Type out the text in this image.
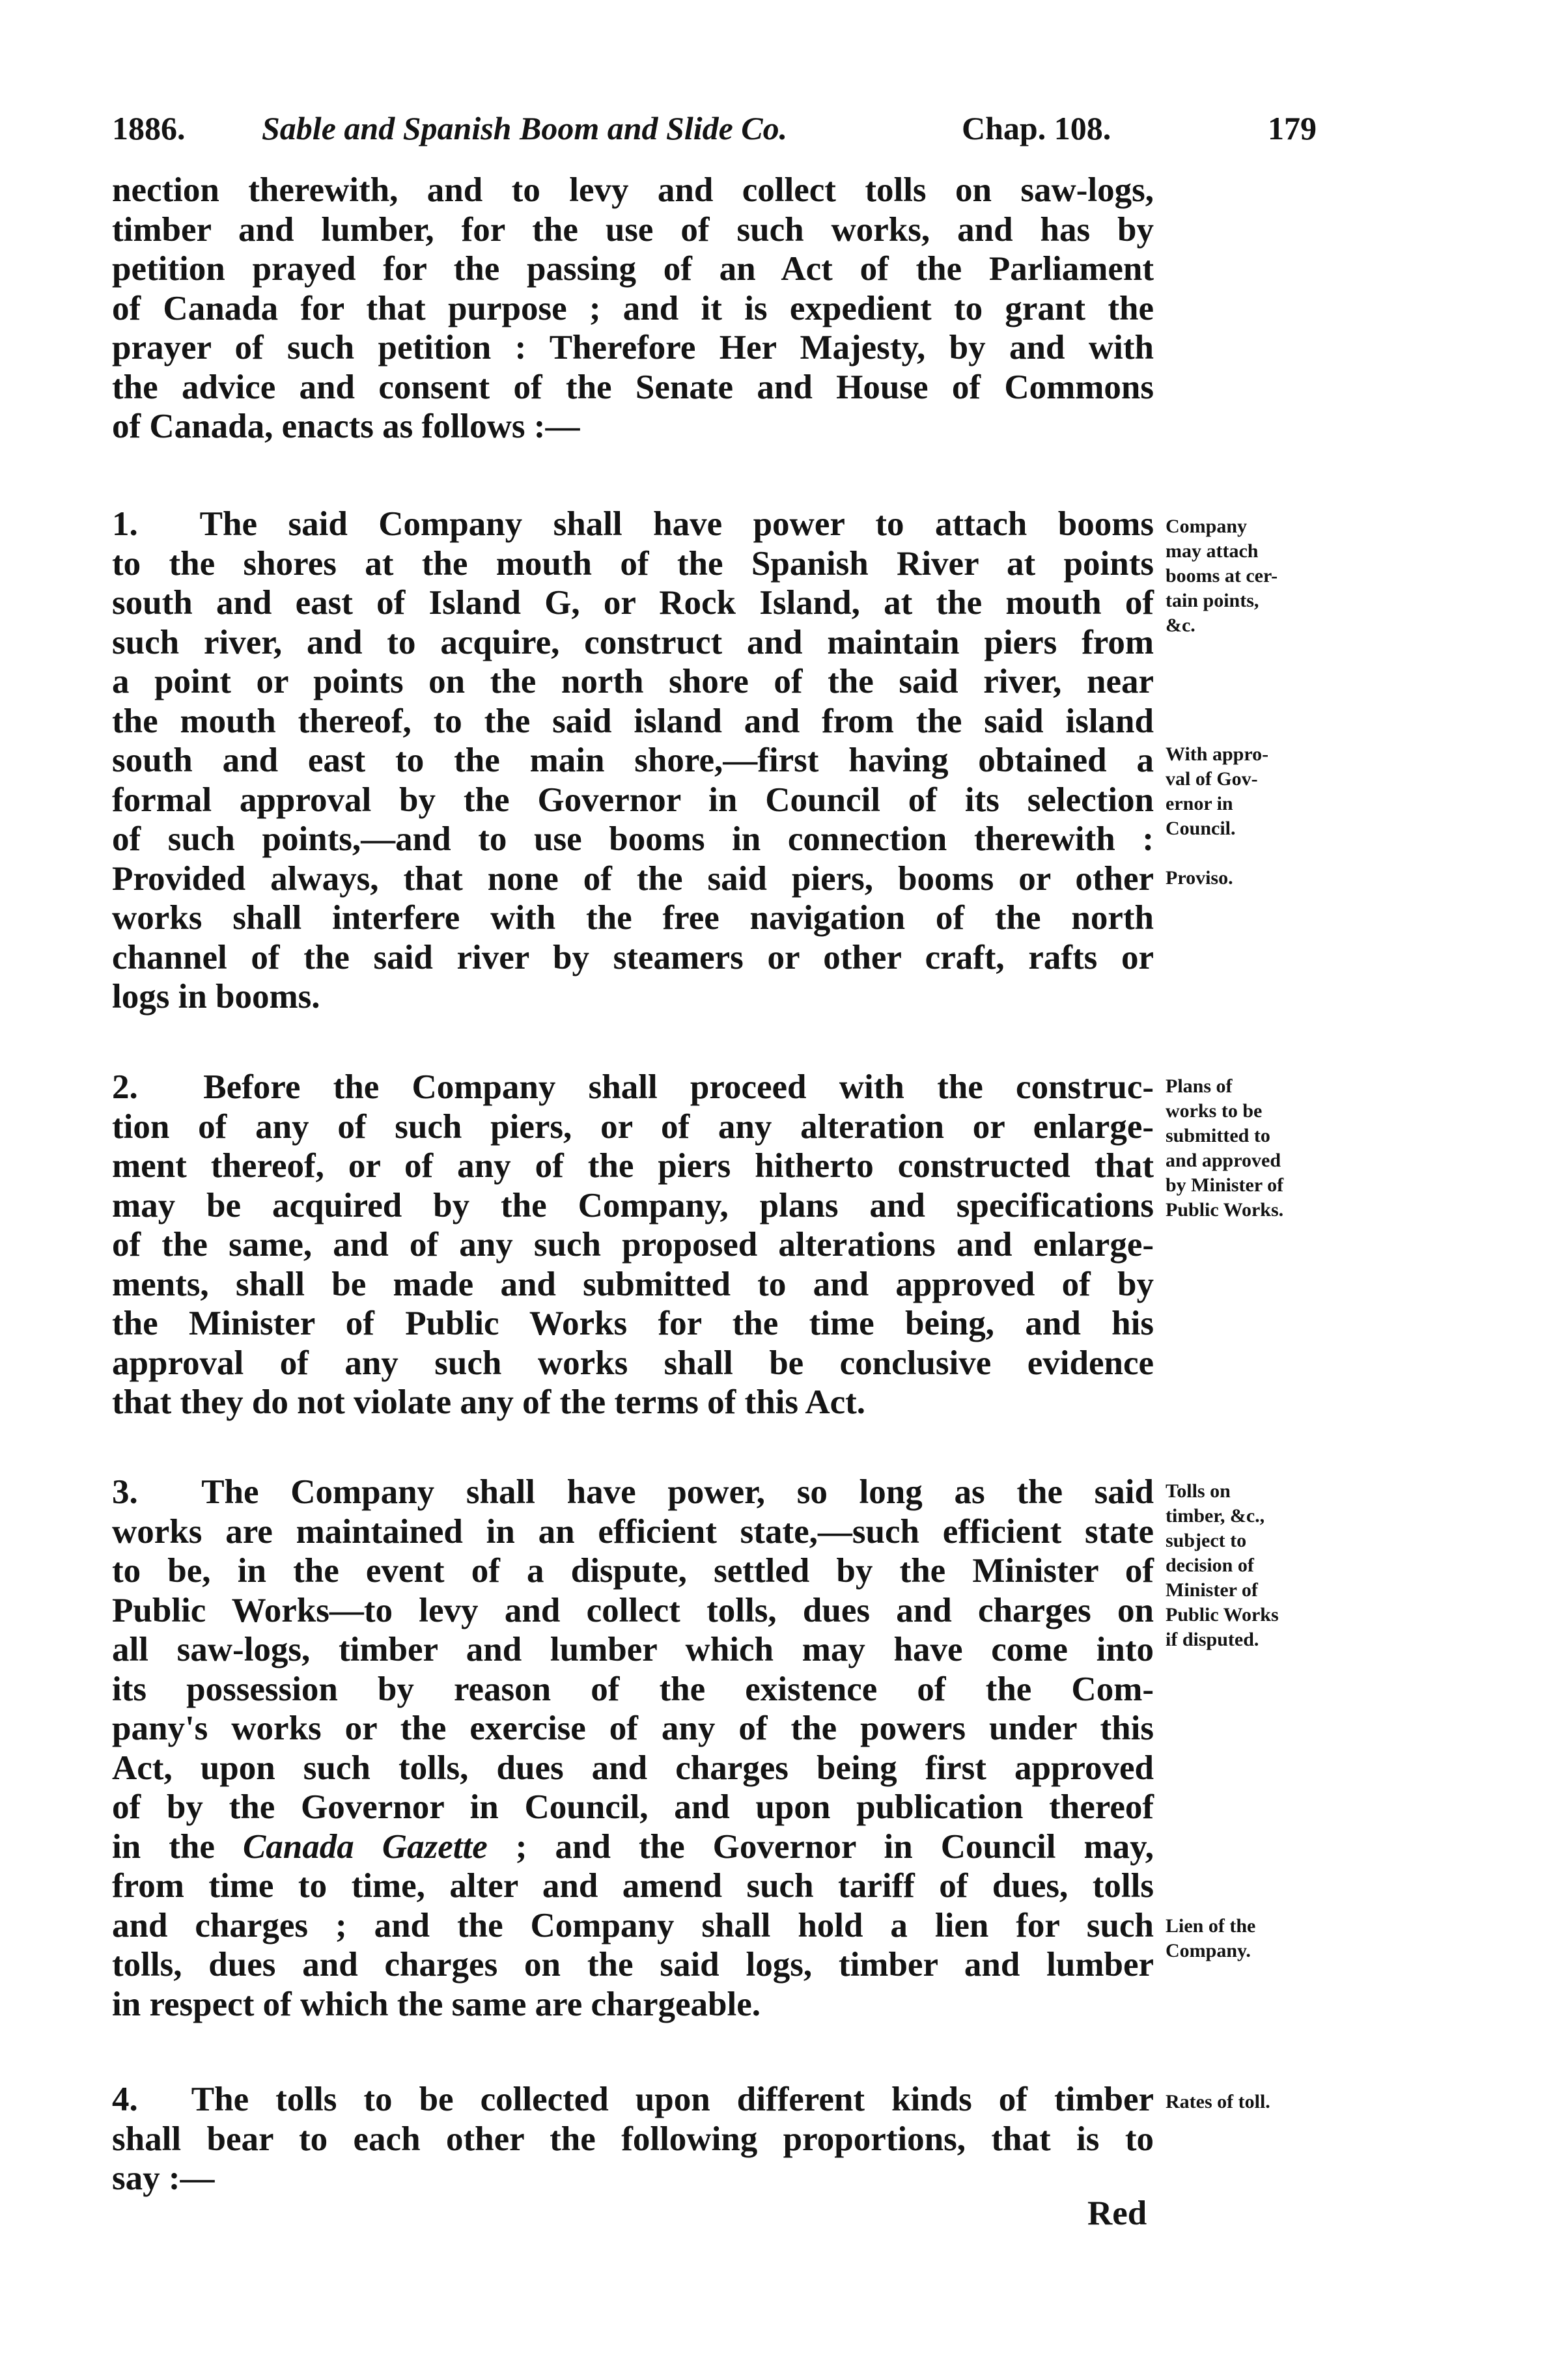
1886. Sable and Spanish Boom and Slide Co.	Chap. 108.	179
nection therewith, and to levy and collect tolls on saw-logs,
timber and lumber, for the use of such works, and has by
petition prayed for the passing of an Act of the Parliament
of Canada for that purpose ; and it is expedient to grant the
prayer of such petition : Therefore Her Majesty, by and with
the advice and consent of the Senate and House of Commons
of Canada, enacts as follows :—
1. The said Company shall have power to attach booms
to the shores at the mouth of the Spanish River at points
south and east of Island G, or Rock Island, at the mouth of
such river, and to acquire, construct and maintain piers from
a point or points on the north shore of the said river, near
the mouth thereof, to the said island and from the said island
south and east to the main shore,—first having obtained a
formal approval by the Governor in Council of its selection
of such points,—and to use booms in connection therewith :
Provided always, that none of the said piers, booms or other
works shall interfere with the free navigation of the north
channel of the said river by steamers or other craft, rafts or
logs in booms.
Company
may attach
booms at cer-
tain points,
&c.
With appro-
val of Gov-
ernor in
Council.
Proviso.
2. Before the Company shall proceed with the construc-
tion of any of such piers, or of any alteration or enlarge-
ment thereof, or of any of the piers hitherto constructed that
may be acquired by the Company, plans and specifications
of the same, and of any such proposed alterations and enlarge-
ments, shall be made and submitted to and approved of by
the Minister of Public Works for the time being, and his
approval of any such works shall be conclusive evidence
that they do not violate any of the terms of this Act.
Plans of
works to be
submitted to
and approved
by Minister of
Public Works.
3. The Company shall have power, so long as the said
works are maintained in an efficient state,—such efficient state
to be, in the event of a dispute, settled by the Minister of
Public Works—to levy and collect tolls, dues and charges on
all saw-logs, timber and lumber which may have come into
its possession by reason of the existence of the Com-
pany's works or the exercise of any of the powers under this
Act, upon such tolls, dues and charges being first approved
of by the Governor in Council, and upon publication thereof
in the Canada Gazette ; and the Governor in Council may,
from time to time, alter and amend such tariff of dues, tolls
and charges ; and the Company shall hold a lien for such
tolls, dues and charges on the said logs, timber and lumber
in respect of which the same are chargeable.
Tolls on
timber, &c.,
subject to
decision of
Minister of
Public Works
if disputed.
Lien of the
Company.
4. The tolls to be collected upon different kinds of timber
shall bear to each other the following proportions, that is to
say :—
Rates of toll.
Red
